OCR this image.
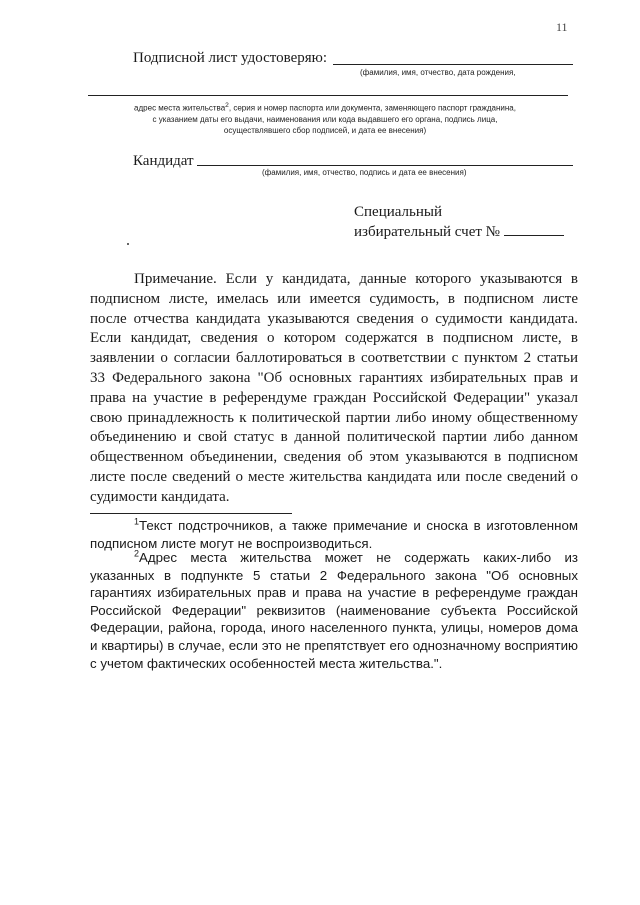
11
Подписной лист удостоверяю:
(фамилия, имя, отчество, дата рождения,
адрес места жительства$^2$, серия и номер паспорта или документа, заменяющего паспорт гражданина,
с указанием даты его выдачи, наименования или кода выдавшего его органа, подпись лица,
осуществлявшего сбор подписей, и дата ее внесения)
Кандидат
(фамилия, имя, отчество, подпись и дата ее внесения)
Специальный
избирательный счет №

Примечание. Если у кандидата, данные которого указываются в подписном листе, имелась или имеется судимость, в подписном листе после отчества кандидата указываются сведения о судимости кандидата. Если кандидат, сведения о котором содержатся в подписном листе, в заявлении о согласии баллотироваться в соответствии с пунктом 2 статьи 33 Федерального закона "Об основных гарантиях избирательных прав и права на участие в референдуме граждан Российской Федерации" указал свою принадлежность к политической партии либо иному общественному объединению и свой статус в данной политической партии либо данном общественном объединении, сведения об этом указываются в подписном листе после сведений о месте жительства кандидата или после сведений о судимости кандидата.

$^1$Текст подстрочников, а также примечание и сноска в изготовленном подписном листе могут не воспроизводиться.

$^2$Адрес места жительства может не содержать каких-либо из указанных в подпункте 5 статьи 2 Федерального закона "Об основных гарантиях избирательных прав и права на участие в референдуме граждан Российской Федерации" реквизитов (наименование субъекта Российской Федерации, района, города, иного населенного пункта, улицы, номеров дома и квартиры) в случае, если это не препятствует его однозначному восприятию с учетом фактических особенностей места жительства.".
